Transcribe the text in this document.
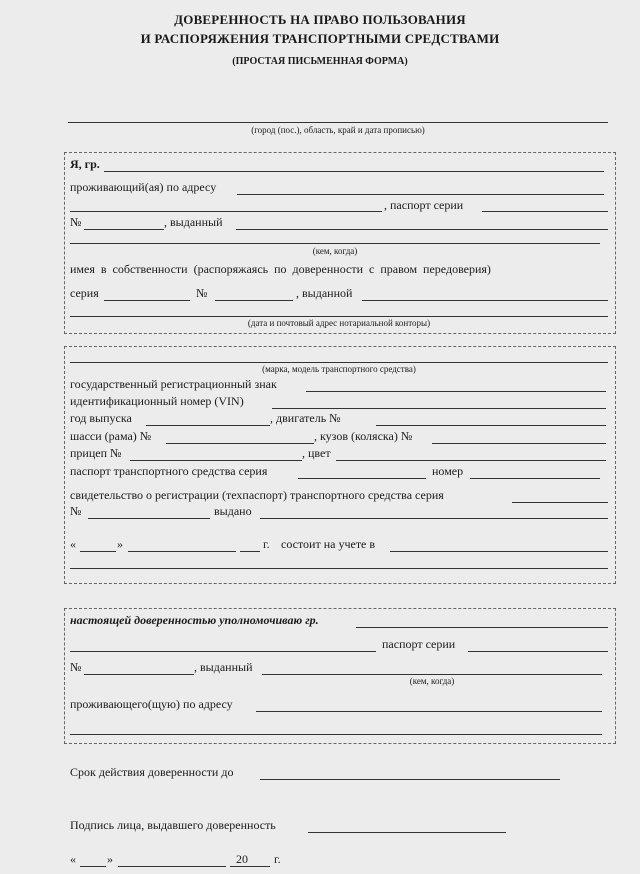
ДОВЕРЕННОСТЬ НА ПРАВО ПОЛЬЗОВАНИЯ
И РАСПОРЯЖЕНИЯ ТРАНСПОРТНЫМИ СРЕДСТВАМИ
(ПРОСТАЯ ПИСЬМЕННАЯ ФОРМА)
(город (пос.), область, край и дата прописью)
Я, гр.
проживающий(ая) по адресу
, паспорт серии
№	, выданный
(кем, когда)
имея в собственности (распоряжаясь по доверенности с правом передоверия)
серия	№	, выданной
(дата и почтовый адрес нотариальной конторы)
(марка, модель транспортного средства)
государственный регистрационный знак
идентификационный номер (VIN)
год выпуска	, двигатель №
шасси (рама) №	, кузов (коляска) №
прицеп №	, цвет
паспорт транспортного средства серия	номер
свидетельство о регистрации (техпаспорт) транспортного средства серия
№	выдано
«	»	г. состоит на учете в
настоящей доверенностью уполномочиваю гр.
паспорт серии
№	, выданный
(кем, когда)
проживающего(щую) по адресу
Срок действия доверенности до
Подпись лица, выдавшего доверенность
«	»	20 г.
